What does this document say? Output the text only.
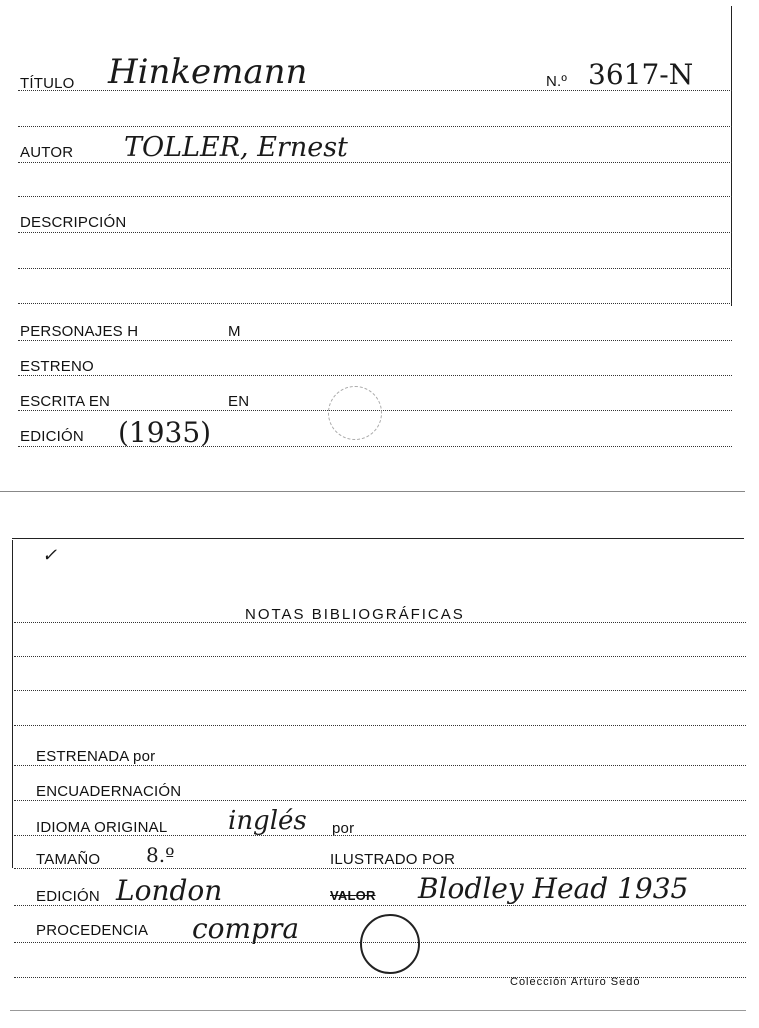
TÍTULO Hinkemann	N.º 3617-N
AUTOR TOLLER, Ernest
DESCRIPCIÓN
PERSONAJES H	M
ESTRENO
ESCRITA EN	EN
EDICIÓN (1935)
✓
NOTAS BIBLIOGRÁFICAS
ESTRENADA por
ENCUADERNACIÓN
IDIOMA ORIGINAL inglés por
TAMAÑO 8.º	ILUSTRADO POR
EDICIÓN London	VALOR Blodley Head 1935
PROCEDENCIA compra
Colección Arturo Sedó
